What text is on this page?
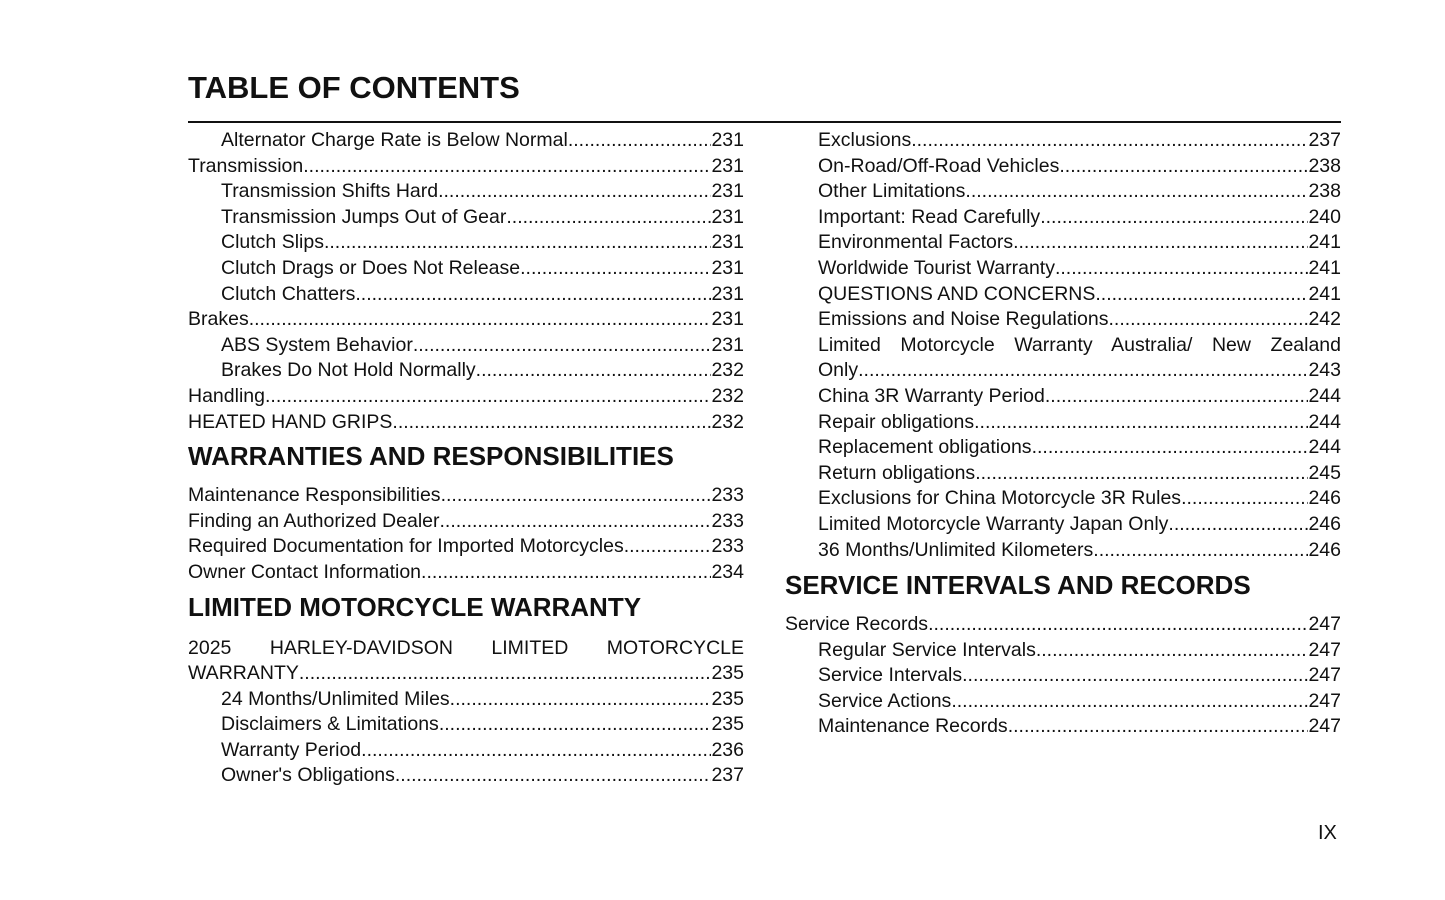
TABLE OF CONTENTS
Alternator Charge Rate is Below Normal .....	231
Transmission .....	231
Transmission Shifts Hard .....	231
Transmission Jumps Out of Gear .....	231
Clutch Slips .....	231
Clutch Drags or Does Not Release .....	231
Clutch Chatters .....	231
Brakes .....	231
ABS System Behavior .....	231
Brakes Do Not Hold Normally .....	232
Handling .....	232
HEATED HAND GRIPS .....	232
WARRANTIES AND RESPONSIBILITIES
Maintenance Responsibilities .....	233
Finding an Authorized Dealer .....	233
Required Documentation for Imported Motorcycles .....	233
Owner Contact Information .....	234
LIMITED MOTORCYCLE WARRANTY
2025 HARLEY-DAVIDSON LIMITED MOTORCYCLE
WARRANTY .....	235
24 Months/Unlimited Miles .....	235
Disclaimers & Limitations .....	235
Warranty Period .....	236
Owner's Obligations .....	237
Exclusions .....	237
On-Road/Off-Road Vehicles .....	238
Other Limitations .....	238
Important: Read Carefully .....	240
Environmental Factors .....	241
Worldwide Tourist Warranty .....	241
QUESTIONS AND CONCERNS .....	241
Emissions and Noise Regulations .....	242
Limited Motorcycle Warranty Australia/ New Zealand
Only .....	243
China 3R Warranty Period .....	244
Repair obligations .....	244
Replacement obligations .....	244
Return obligations .....	245
Exclusions for China Motorcycle 3R Rules .....	246
Limited Motorcycle Warranty Japan Only .....	246
36 Months/Unlimited Kilometers .....	246
SERVICE INTERVALS AND RECORDS
Service Records .....	247
Regular Service Intervals .....	247
Service Intervals .....	247
Service Actions .....	247
Maintenance Records .....	247
IX
